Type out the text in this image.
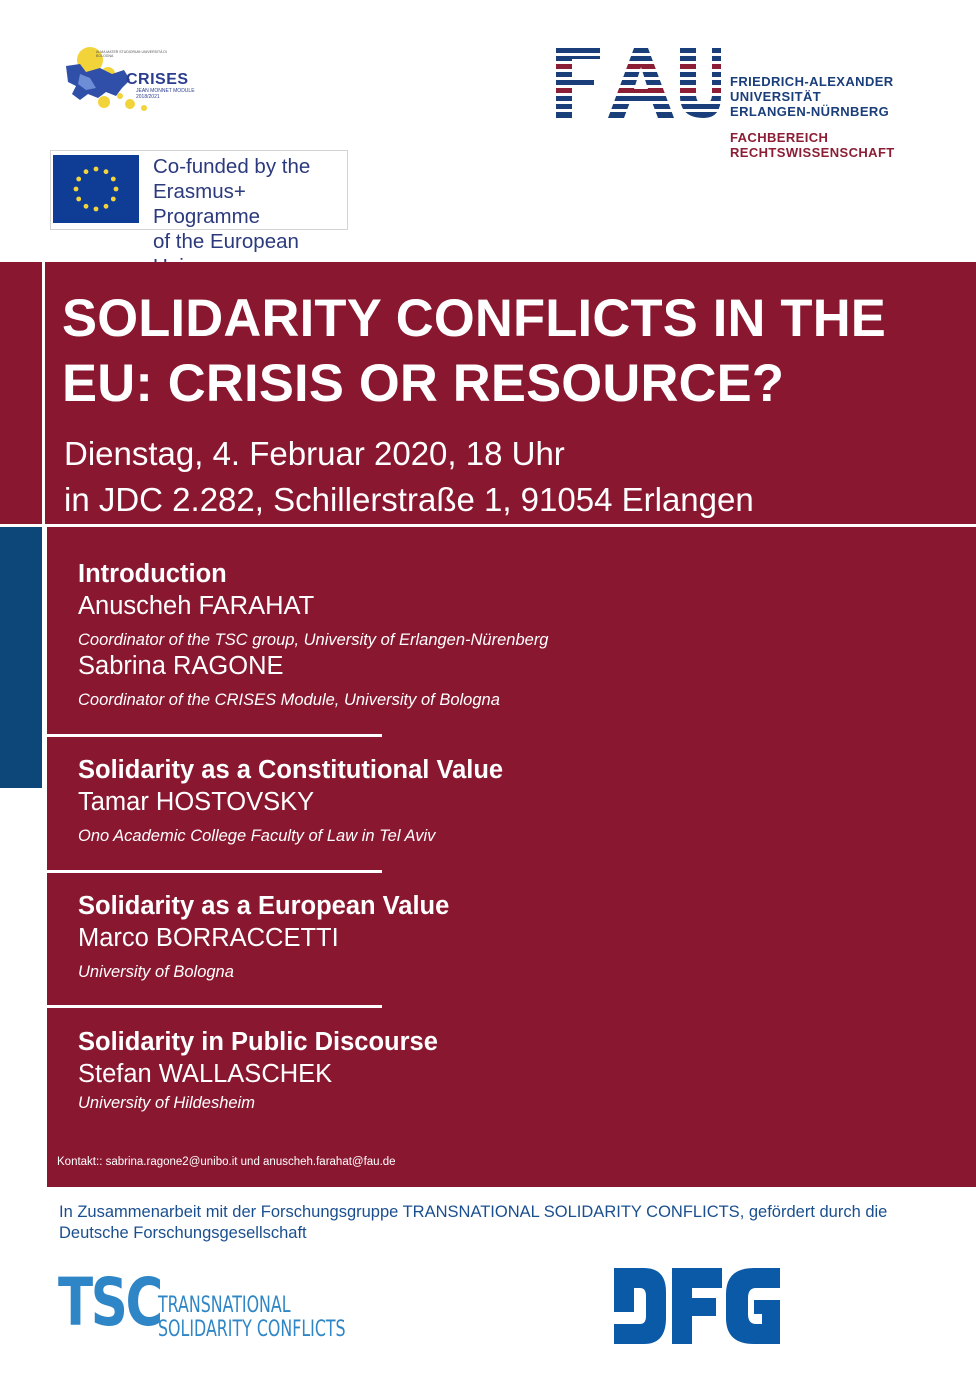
ALMA MATER STUDIORUM UNIVERSITÀ DI BOLOGNA
CRISES
JEAN MONNET MODULE 2018/2021
Co-funded by the
Erasmus+ Programme
of the European
FRIEDRICH-ALEXANDER
UNIVERSITÄT
ERLANGEN-NÜRNBERG
FACHBEREICH
RECHTSWISSENSCHAFT
SOLIDARITY CONFLICTS IN THE EU: CRISIS OR RESOURCE?
Dienstag, 4. Februar 2020, 18 Uhr
in JDC 2.282, Schillerstraße 1, 91054 Erlangen
Introduction
Anuscheh FARAHAT
Coordinator of the TSC group, University of Erlangen-Nürenberg
Sabrina RAGONE
Coordinator of the CRISES Module, University of Bologna
Solidarity as a Constitutional Value
Tamar HOSTOVSKY
Ono Academic College Faculty of Law in Tel Aviv
Solidarity as a European Value
Marco BORRACCETTI
University of Bologna
Solidarity in Public Discourse
Stefan WALLASCHEK
University of Hildesheim
Kontakt:: sabrina.ragone2@unibo.it und anuscheh.farahat@fau.de
In Zusammenarbeit mit der Forschungsgruppe TRANSNATIONAL SOLIDARITY CONFLICTS, gefördert durch die Deutsche Forschungsgesellschaft
TSC
TRANSNATIONAL
SOLIDARITY CONFLICTS
